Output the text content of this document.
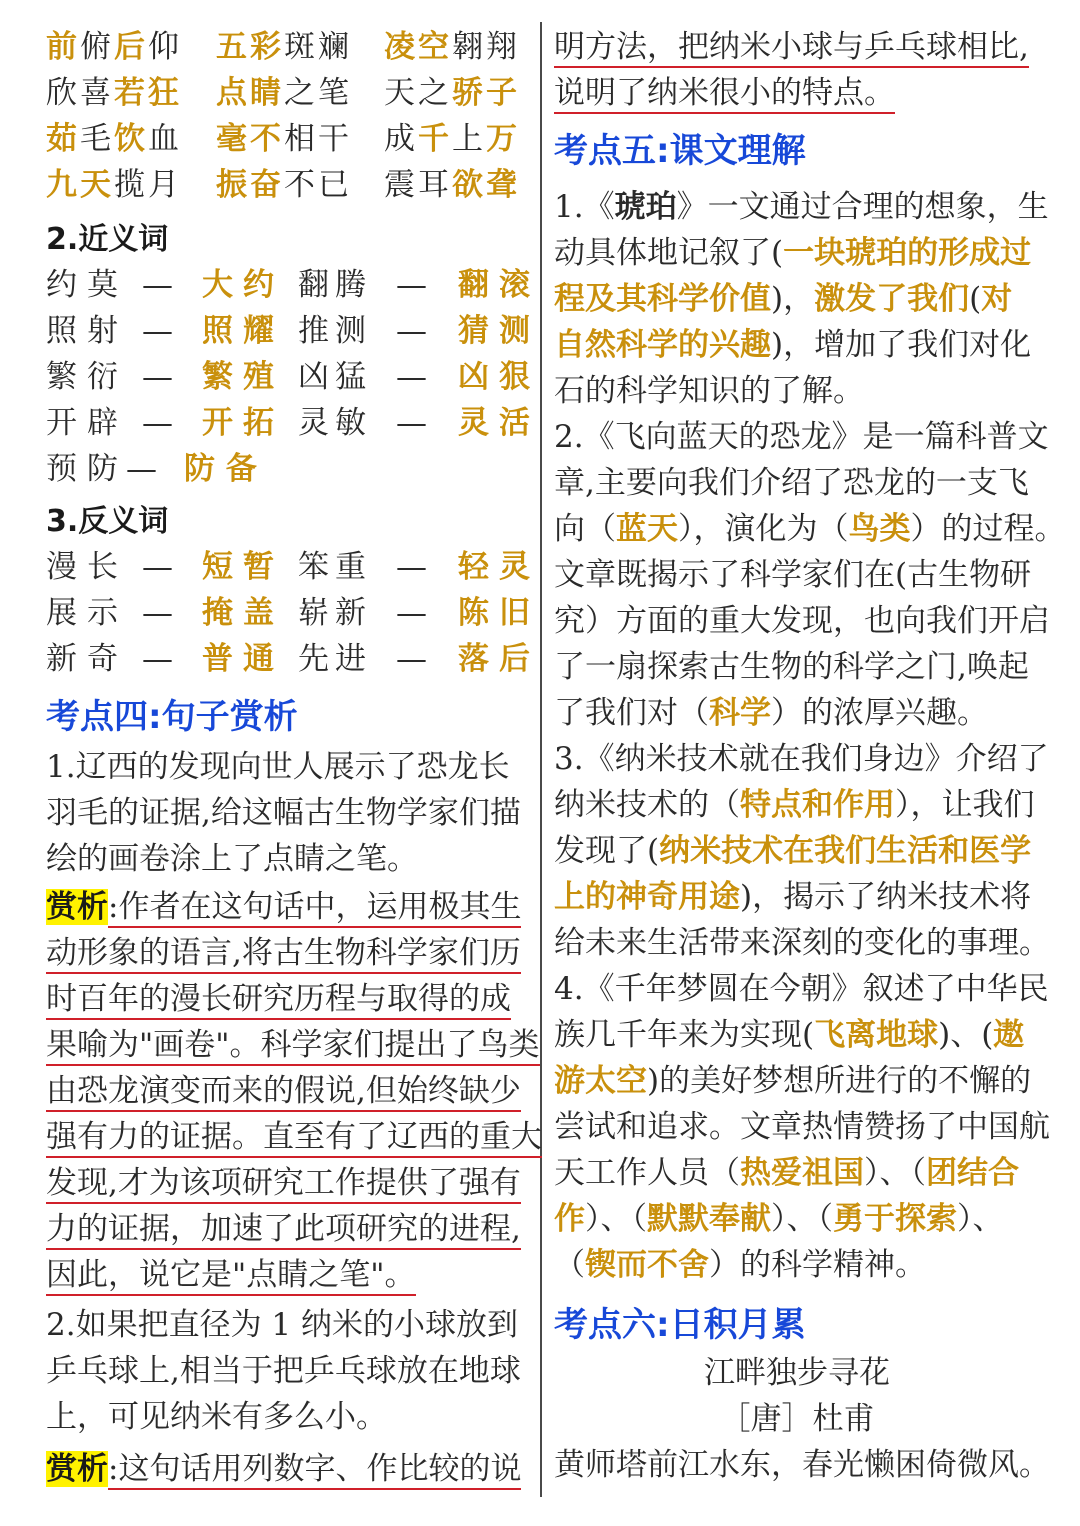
前俯后仰 五彩斑斓 凌空翱翔
欣喜若狂 点睛之笔 天之骄子
茹毛饮血 毫不相干 成千上万
九天揽月 振奋不已 震耳欲聋
2.近义词
约莫 — 大约 翻腾 — 翻滚
照射 — 照耀 推测 — 猜测
繁衍 — 繁殖 凶猛 — 凶狠
开辟 — 开拓 灵敏 — 灵活
预 防 — 防 备
3.反义词
漫长 — 短暂 笨重 — 轻灵
展示 — 掩盖 崭新 — 陈旧
新奇 — 普通 先进 — 落后
考点四:句子赏析
1.辽西的发现向世人展示了恐龙长
羽毛的证据,给这幅古生物学家们描
绘的画卷涂上了点睛之笔。
赏析:作者在这句话中，运用极其生
动形象的语言,将古生物科学家们历
时百年的漫长研究历程与取得的成
果喻为"画卷"。科学家们提出了鸟类
由恐龙演变而来的假说,但始终缺少
强有力的证据。直至有了辽西的重大
发现,才为该项研究工作提供了强有
力的证据，加速了此项研究的进程,
因此，说它是"点睛之笔"。
2.如果把直径为 1 纳米的小球放到
乒乓球上,相当于把乒乓球放在地球
上，可见纳米有多么小。
赏析:这句话用列数字、作比较的说
明方法，把纳米小球与乒乓球相比,
说明了纳米很小的特点。
考点五:课文理解
1.《琥珀》一文通过合理的想象，生
动具体地记叙了(一块琥珀的形成过
程及其科学价值)，激发了我们(对
自然科学的兴趣)，增加了我们对化
石的科学知识的了解。
2.《飞向蓝天的恐龙》是一篇科普文
章,主要向我们介绍了恐龙的一支飞
向（蓝天），演化为（鸟类）的过程。
文章既揭示了科学家们在(古生物研
究）方面的重大发现，也向我们开启
了一扇探索古生物的科学之门,唤起
了我们对（科学）的浓厚兴趣。
3.《纳米技术就在我们身边》介绍了
纳米技术的（特点和作用），让我们
发现了(纳米技术在我们生活和医学
上的神奇用途)，揭示了纳米技术将
给未来生活带来深刻的变化的事理。
4.《千年梦圆在今朝》叙述了中华民
族几千年来为实现(飞离地球)、(遨
游太空)的美好梦想所进行的不懈的
尝试和追求。文章热情赞扬了中国航
天工作人员（热爱祖国）、（团结合
作）、（默默奉献）、（勇于探索）、
（锲而不舍）的科学精神。
考点六:日积月累
江畔独步寻花
［唐］杜甫
黄师塔前江水东，春光懒困倚微风。
